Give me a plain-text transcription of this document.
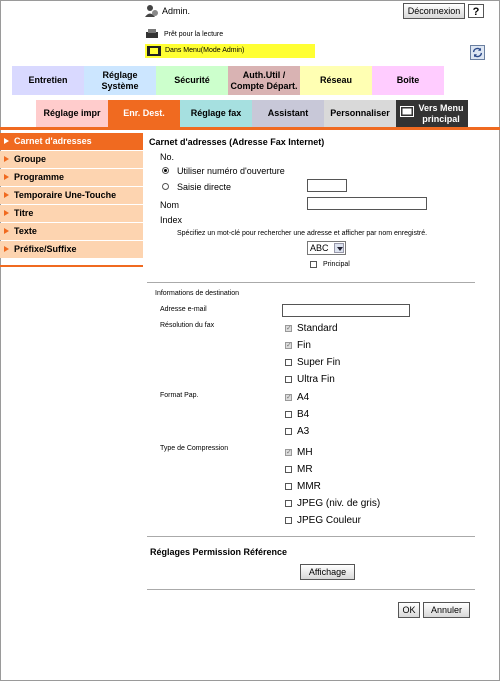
Admin.	Déconnexion	?
Prêt pour la lecture
Dans Menu(Mode Admin)
Entretien
Réglage Système
Sécurité
Auth.Util / Compte Départ.
Réseau	Boîte
Réglage impr	Enr. Dest.	Réglage fax	Assistant	Personnaliser
Vers Menu principal
Carnet d'adresses
Groupe
Programme
Temporaire Une-Touche
Titre
Texte
Préfixe/Suffixe
Carnet d'adresses (Adresse Fax Internet)
No.
Utiliser numéro d'ouverture
Saisie directe
Nom
Index
Spécifiez un mot-clé pour rechercher une adresse et afficher par nom enregistré.
ABC
Principal
Informations de destination
Adresse e-mail
Résolution du fax	✓ Standard
✓ Fin
Super Fin
Ultra Fin
Format Pap.	✓ A4
B4
A3
Type de Compression
✓ MH
MR
MMR
JPEG (niv. de gris)
JPEG Couleur
Réglages Permission Référence
Affichage
OK	Annuler
